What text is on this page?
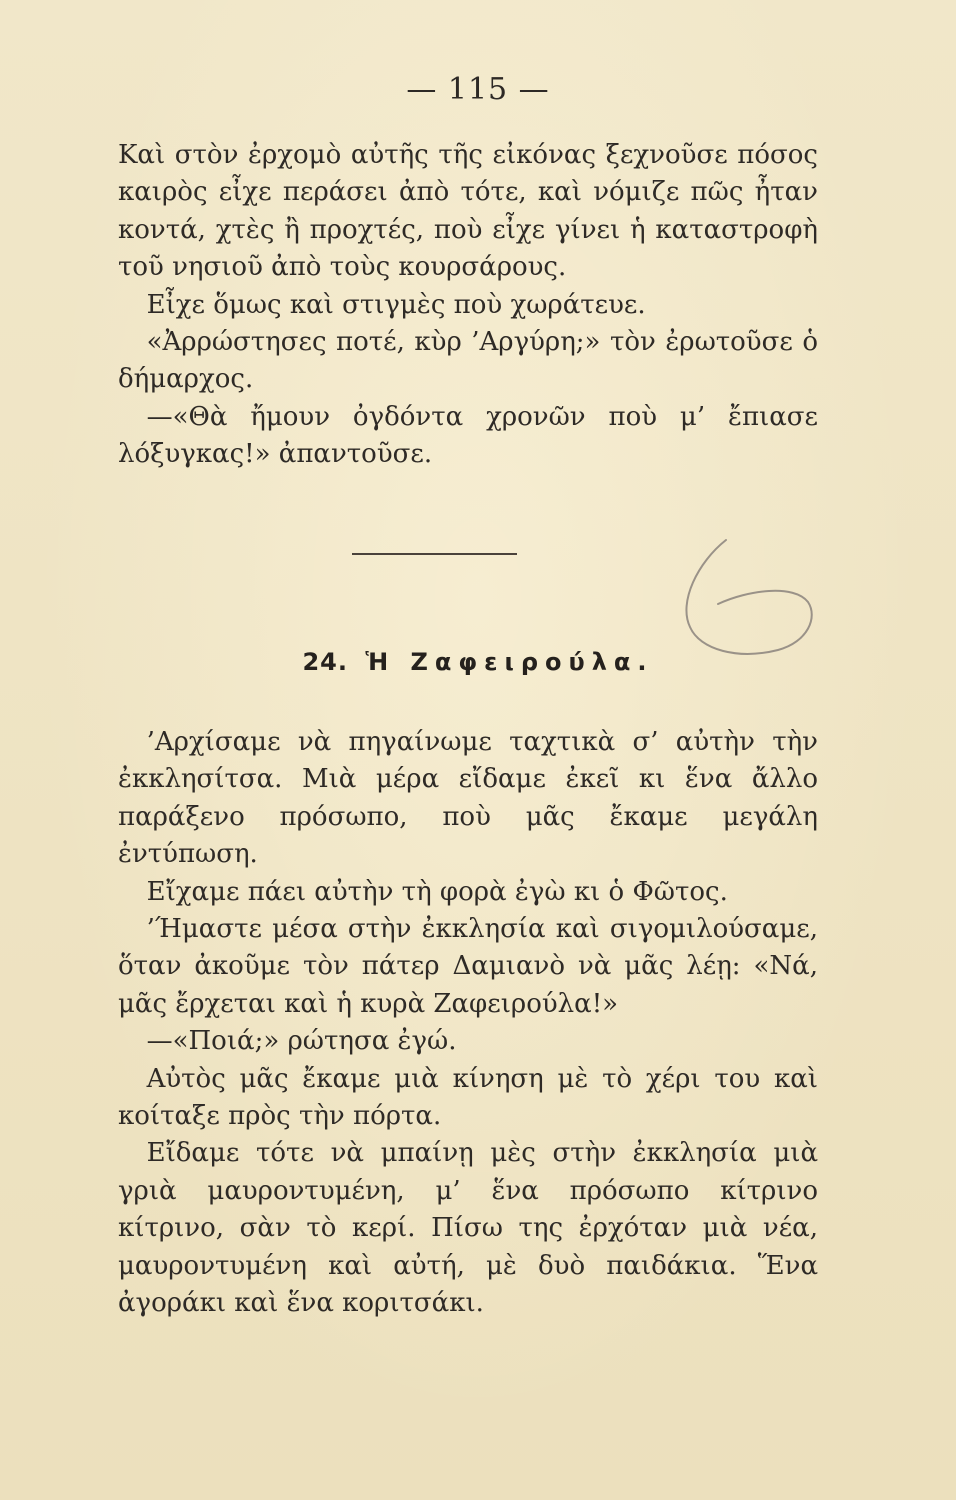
— 115 —

Καὶ στὸν ἐρχομὸ αὐτῆς τῆς εἰκόνας ξεχνοῦσε πόσος καιρὸς εἶχε περάσει ἀπὸ τότε, καὶ νόμιζε πῶς ἦταν κοντά, χτὲς ἢ προχτές, ποὺ εἶχε γίνει ἡ καταστροφὴ τοῦ νησιοῦ ἀπὸ τοὺς κουρσάρους.

Εἶχε ὅμως καὶ στιγμὲς ποὺ χωράτευε.

«Ἀρρώστησες ποτέ, κὺρ ’Αργύρη;» τὸν ἐρωτοῦσε ὁ δήμαρχος.

—«Θὰ ἤμουν ὀγδόντα χρονῶν ποὺ μ’ ἔπιασε λόξυγκας!» ἀπαντοῦσε.

24. Ἡ Ζαφειρούλα.

’Αρχίσαμε νὰ πηγαίνωμε ταχτικὰ σ’ αὐτὴν τὴν ἐκκλησίτσα. Μιὰ μέρα εἴδαμε ἐκεῖ κι ἕνα ἄλλο παράξενο πρόσωπο, ποὺ μᾶς ἔκαμε μεγάλη ἐντύπωση.

Εἴχαμε πάει αὐτὴν τὴ φορὰ ἐγὼ κι ὁ Φῶτος.

’Ήμαστε μέσα στὴν ἐκκλησία καὶ σιγομιλούσαμε, ὅταν ἀκοῦμε τὸν πάτερ Δαμιανὸ νὰ μᾶς λέῃ: «Νά, μᾶς ἔρχεται καὶ ἡ κυρὰ Ζαφειρούλα!»

—«Ποιά;» ρώτησα ἐγώ.

Αὐτὸς μᾶς ἔκαμε μιὰ κίνηση μὲ τὸ χέρι του καὶ κοίταξε πρὸς τὴν πόρτα.

Εἴδαμε τότε νὰ μπαίνῃ μὲς στὴν ἐκκλησία μιὰ γριὰ μαυροντυμένη, μ’ ἕνα πρόσωπο κίτρινο κίτρινο, σὰν τὸ κερί. Πίσω της ἐρχόταν μιὰ νέα, μαυροντυμένη καὶ αὐτή, μὲ δυὸ παιδάκια. Ἕνα ἀγοράκι καὶ ἕνα κοριτσάκι.
